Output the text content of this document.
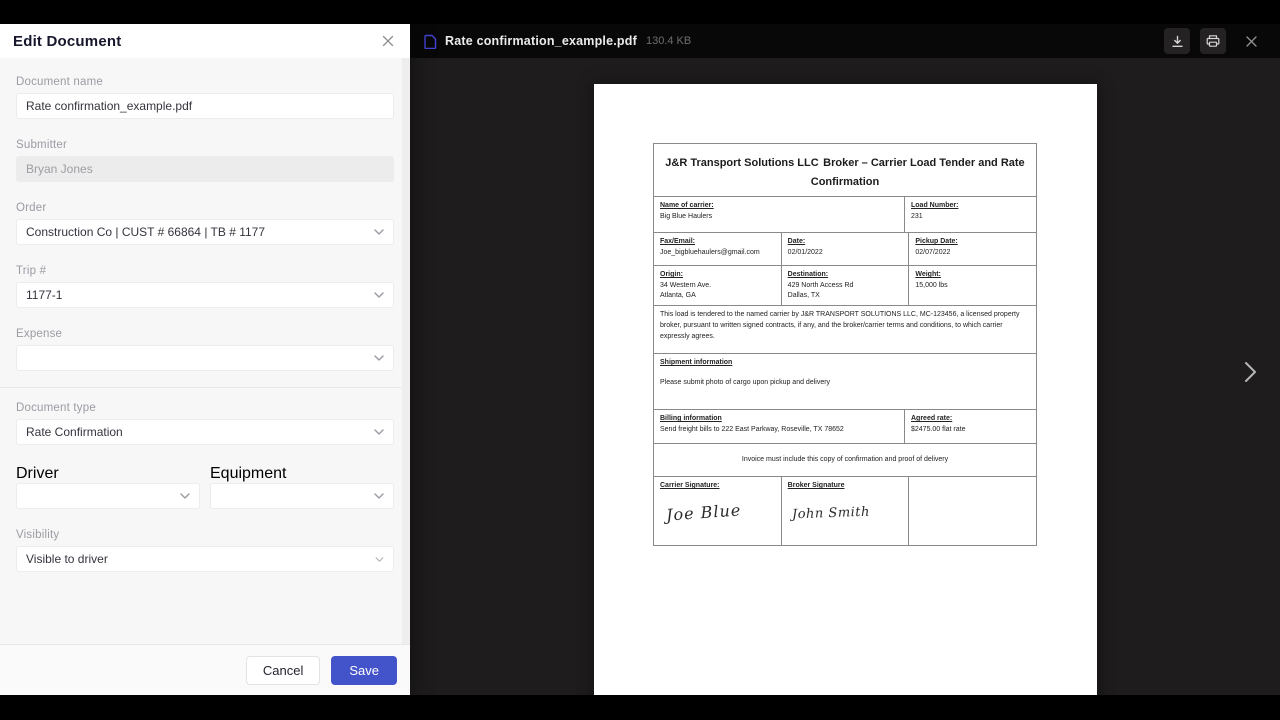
Rate confirmation_example.pdf 130.4 KB
J&R Transport Solutions LLC Broker – Carrier Load Tender and Rate Confirmation
Name of carrier:
Big Blue Haulers
Load Number:
231
Fax/Email:
Joe_bigbluehaulers@gmail.com
Date:
02/01/2022
Pickup Date:
02/07/2022
Origin:
34 Western Ave.
Atlanta, GA
Destination:
429 North Access Rd
Dallas, TX
Weight:
15,000 lbs
This load is tendered to the named carrier by J&R TRANSPORT SOLUTIONS LLC, MC-123456, a licensed property broker, pursuant to written signed contracts, if any, and the broker/carrier terms and conditions, to which carrier expressly agrees.
Shipment information
Please submit photo of cargo upon pickup and delivery
Billing information
Send freight bills to 222 East Parkway, Roseville, TX 78652
Agreed rate:
$2475.00 flat rate
Invoice must include this copy of confirmation and proof of delivery
Carrier Signature:
Joe Blue
Broker Signature
John Smith
Edit Document
Document name
Rate confirmation_example.pdf
Submitter
Bryan Jones
Order
Construction Co | CUST # 66864 | TB # 1177
Trip #
1177-1
Expense
Document type
Rate Confirmation
Driver	Equipment
Visibility
Visible to driver
Cancel	Save
